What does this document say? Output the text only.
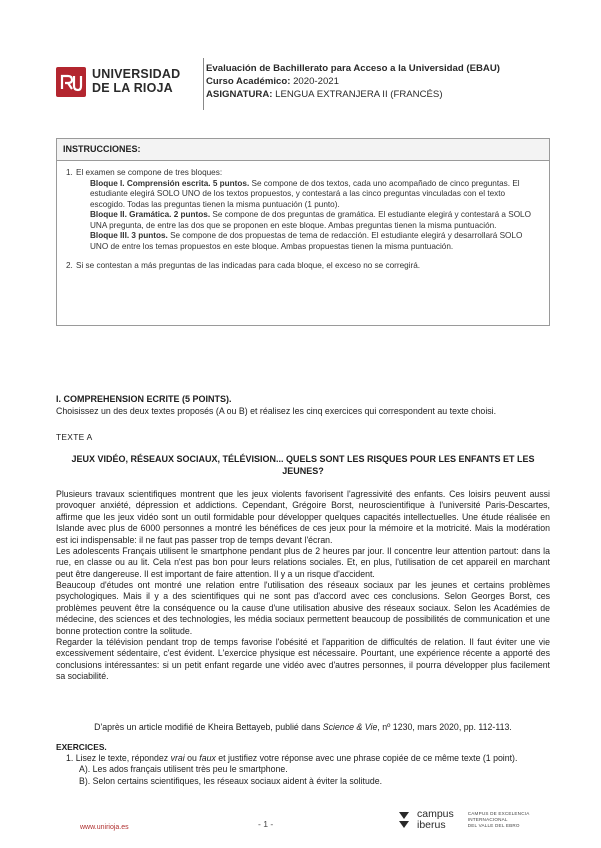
UNIVERSIDAD
DE LA RIOJA
Evaluación de Bachillerato para Acceso a la Universidad (EBAU)
Curso Académico: 2020-2021
ASIGNATURA: LENGUA EXTRANJERA II (FRANCÉS)
INSTRUCCIONES:
1. El examen se compone de tres bloques:
Bloque I. Comprensión escrita. 5 puntos. Se compone de dos textos, cada uno acompañado de cinco preguntas. El estudiante elegirá SOLO UNO de los textos propuestos, y contestará a las cinco preguntas vinculadas con el texto escogido. Todas las preguntas tienen la misma puntuación (1 punto).
Bloque II. Gramática. 2 puntos. Se compone de dos preguntas de gramática. El estudiante elegirá y contestará a SOLO UNA pregunta, de entre las dos que se proponen en este bloque. Ambas preguntas tienen la misma puntuación.
Bloque III. 3 puntos. Se compone de dos propuestas de tema de redacción. El estudiante elegirá y desarrollará SOLO UNO de entre los temas propuestos en este bloque. Ambas propuestas tienen la misma puntuación.
2. Si se contestan a más preguntas de las indicadas para cada bloque, el exceso no se corregirá.
I. COMPREHENSION ECRITE (5 POINTS).
Choisissez un des deux textes proposés (A ou B) et réalisez les cinq exercices qui correspondent au texte choisi.
TEXTE A
JEUX VIDÉO, RÉSEAUX SOCIAUX, TÉLÉVISION... QUELS SONT LES RISQUES POUR LES ENFANTS ET LES JEUNES?

Plusieurs travaux scientifiques montrent que les jeux violents favorisent l'agressivité des enfants. Ces loisirs peuvent aussi provoquer anxiété, dépression et addictions. Cependant, Grégoire Borst, neuroscientifique à l'université Paris-Descartes, affirme que les jeux vidéo sont un outil formidable pour développer quelques capacités intellectuelles. Une étude réalisée en Islande avec plus de 6000 personnes a montré les bénéfices de ces jeux pour la mémoire et la motricité. Mais la modération est ici indispensable: il ne faut pas passer trop de temps devant l'écran.

Les adolescents Français utilisent le smartphone pendant plus de 2 heures par jour. Il concentre leur attention partout: dans la rue, en classe ou au lit. Cela n'est pas bon pour leurs relations sociales. Et, en plus, l'utilisation de cet appareil en marchant peut être dangereuse. Il est important de faire attention. Il y a un risque d'accident.

Beaucoup d'études ont montré une relation entre l'utilisation des réseaux sociaux par les jeunes et certains problèmes psychologiques. Mais il y a des scientifiques qui ne sont pas d'accord avec ces conclusions. Selon Georges Borst, ces problèmes peuvent être la conséquence ou la cause d'une utilisation abusive des réseaux sociaux. Selon les Académies de médecine, des sciences et des technologies, les média sociaux permettent beaucoup de possibilités de communication et une bonne protection contre la solitude.

Regarder la télévision pendant trop de temps favorise l'obésité et l'apparition de difficultés de relation. Il faut éviter une vie excessivement sédentaire, c'est évident. L'exercice physique est nécessaire. Pourtant, une expérience récente a apporté des conclusions intéressantes: si un petit enfant regarde une vidéo avec d'autres personnes, il pourra développer plus facilement sa sociabilité.

D'après un article modifié de Kheira Bettayeb, publié dans Science & Vie, nº 1230, mars 2020, pp. 112-113.
EXERCICES.
1. Lisez le texte, répondez vrai ou faux et justifiez votre réponse avec une phrase copiée de ce même texte (1 point).
A). Les ados français utilisent très peu le smartphone.
B). Selon certains scientifiques, les réseaux sociaux aident à éviter la solitude.
www.unirioja.es	- 1 -
campus
iberus
CAMPUS DE EXCELENCIA
INTERNACIONAL
DEL VALLE DEL EBRO
